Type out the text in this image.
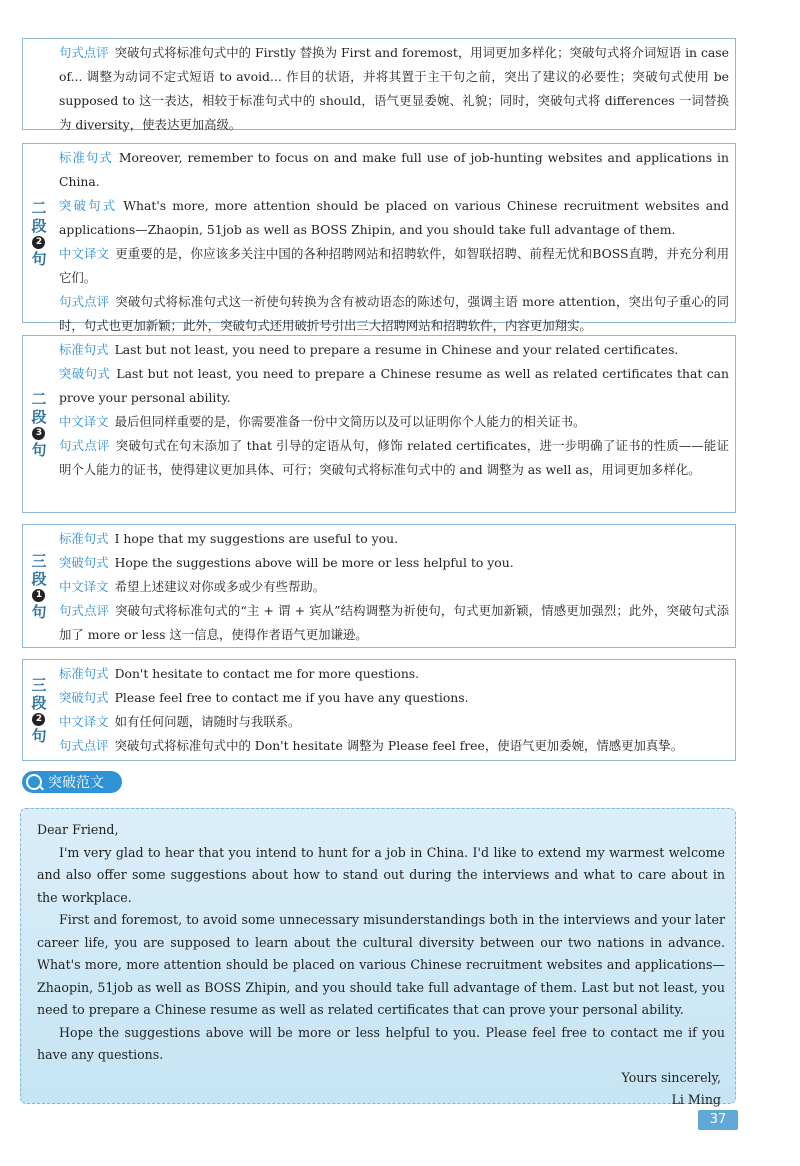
句式点评 突破句式将标准句式中的 Firstly 替换为 First and foremost，用词更加多样化；突破句式将介词短语 in case of... 调整为动词不定式短语 to avoid... 作目的状语，并将其置于主干句之前，突出了建议的必要性；突破句式使用 be supposed to 这一表达，相较于标准句式中的 should，语气更显委婉、礼貌；同时，突破句式将 differences 一词替换为 diversity，使表达更加高级。
二
段
2
句
标准句式 Moreover, remember to focus on and make full use of job-hunting websites and applications in China.
突破句式 What's more, more attention should be placed on various Chinese recruitment websites and applications—Zhaopin, 51job as well as BOSS Zhipin, and you should take full advantage of them.
中文译文 更重要的是，你应该多关注中国的各种招聘网站和招聘软件，如智联招聘、前程无忧和BOSS直聘，并充分利用它们。
句式点评 突破句式将标准句式这一祈使句转换为含有被动语态的陈述句，强调主语 more attention，突出句子重心的同时，句式也更加新颖；此外，突破句式还用破折号引出三大招聘网站和招聘软件，内容更加翔实。
二
段
3
句
标准句式 Last but not least, you need to prepare a resume in Chinese and your related certificates.
突破句式 Last but not least, you need to prepare a Chinese resume as well as related certificates that can prove your personal ability.
中文译文 最后但同样重要的是，你需要准备一份中文简历以及可以证明你个人能力的相关证书。
句式点评 突破句式在句末添加了 that 引导的定语从句，修饰 related certificates，进一步明确了证书的性质——能证明个人能力的证书，使得建议更加具体、可行；突破句式将标准句式中的 and 调整为 as well as，用词更加多样化。
三
段
1
句
标准句式 I hope that my suggestions are useful to you.
突破句式 Hope the suggestions above will be more or less helpful to you.
中文译文 希望上述建议对你或多或少有些帮助。
句式点评 突破句式将标准句式的“主 + 谓 + 宾从”结构调整为祈使句，句式更加新颖，情感更加强烈；此外，突破句式添加了 more or less 这一信息，使得作者语气更加谦逊。
三
段
2
句
标准句式 Don't hesitate to contact me for more questions.
突破句式 Please feel free to contact me if you have any questions.
中文译文 如有任何问题，请随时与我联系。
句式点评 突破句式将标准句式中的 Don't hesitate 调整为 Please feel free，使语气更加委婉，情感更加真挚。
突破范文

Dear Friend,

I'm very glad to hear that you intend to hunt for a job in China. I'd like to extend my warmest welcome and also offer some suggestions about how to stand out during the interviews and what to care about in the workplace.

First and foremost, to avoid some unnecessary misunderstandings both in the interviews and your later career life, you are supposed to learn about the cultural diversity between our two nations in advance. What's more, more attention should be placed on various Chinese recruitment websites and applications—Zhaopin, 51job as well as BOSS Zhipin, and you should take full advantage of them. Last but not least, you need to prepare a Chinese resume as well as related certificates that can prove your personal ability.

Hope the suggestions above will be more or less helpful to you. Please feel free to contact me if you have any questions.

Yours sincerely,

Li Ming

37
